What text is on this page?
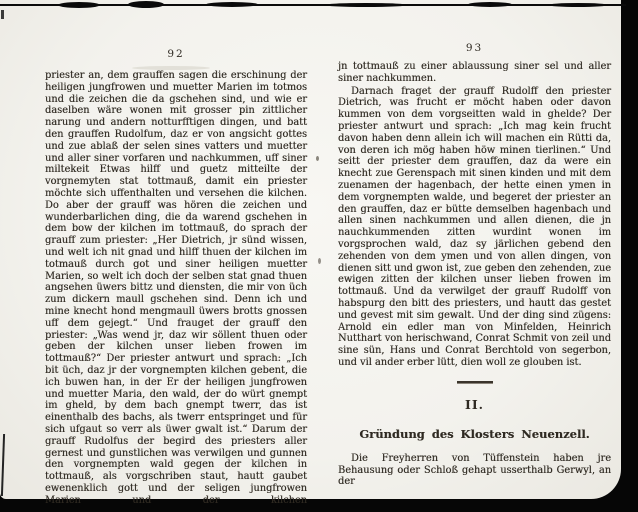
92

priester an, dem grauffen sagen die erschinung der heiligen jungfrowen und muetter Marien im totmos und die zeichen die da gschehen sind, und wie er daselben wäre wonen mit grosser pin zittlicher narung und andern notturfftigen dingen, und batt den grauffen Rudolfum, daz er von angsicht gottes und zue ablaß der selen sines vatters und muetter und aller siner vorfaren und nachkummen, uff siner miltekeit Etwas hilff und guetz mitteilte der vorgnemyten stat tottmauß, damit ein priester möchte sich uffenthalten und versehen die kilchen. Do aber der grauff was hören die zeichen und wunderbarlichen ding, die da warend gschehen in dem bow der kilchen im tottmauß, do sprach der grauff zum priester: „Her Dietrich, jr sünd wissen, und welt ich nit gnad und hilff thuen der kilchen im totmauß durch got und siner heiligen muetter Marien, so welt ich doch der selben stat gnad thuen angsehen üwers bittz und diensten, die mir von üch zum dickern maull gschehen sind. Denn ich und mine knecht hond mengmaull üwers brotts gnossen uff dem gejegt.“ Und frauget der grauff den priester: „Was wend jr, daz wir söllent thuen oder geben der kilchen unser lieben frowen im tottmauß?“ Der priester antwurt und sprach: „Ich bit üch, daz jr der vorgnempten kilchen gebent, die ich buwen han, in der Er der heiligen jungfrowen und muetter Maria, den wald, der do würt gnempt im gheld, by dem bach gnempt twerr, das ist einenthalb des bachs, als twerr entspringet und für sich ufgaut so verr als üwer gwalt ist.“ Darum der grauff Rudolfus der begird des priesters aller gernest und gunstlichen was verwilgen und gunnen den vorgnempten wald gegen der kilchen in tottmauß, als vorgschriben staut, hautt gaubet ewenenklich gott und der seligen jungfrowen Marien und der kilchen

93

jn tottmauß zu einer ablaussung siner sel und aller siner nachkummen.

Darnach fraget der grauff Rudolff den priester Dietrich, was frucht er möcht haben oder davon kummen von dem vorgseitten wald in ghelde? Der priester antwurt und sprach: „Ich mag kein frucht davon haben denn allein ich will machen ein Rütti da, von deren ich mög haben höw minen tierlinen.“ Und seitt der priester dem grauffen, daz da were ein knecht zue Gerenspach mit sinen kinden und mit dem zuenamen der hagenbach, der hette einen ymen in dem vorgnempten walde, und begeret der priester an den grauffen, daz er bütte demselben hagenbach und allen sinen nachkummen und allen dienen, die jn nauchkummenden zitten wurdint wonen im vorgsprochen wald, daz sy järlichen gebend den zehenden von dem ymen und von allen dingen, von dienen sitt und gwon ist, zue geben den zehenden, zue ewigen zitten der kilchen unser lieben frowen im tottmauß. Und da verwilget der grauff Rudolff von habspurg den bitt des priesters, und hautt das gestet und gevest mit sim gewalt. Und der ding sind zügens: Arnold ein edler man von Minfelden, Heinrich Nutthart von herischwand, Conrat Schmit von zeil und sine sün, Hans und Conrat Berchtold von segerbon, und vil ander erber lütt, dien woll ze glouben ist.

II.
Gründung des Klosters Neuenzell.

Die Freyherren von Tüffenstein haben jre Behausung oder Schloß gehapt usserthalb Gerwyl, an der
